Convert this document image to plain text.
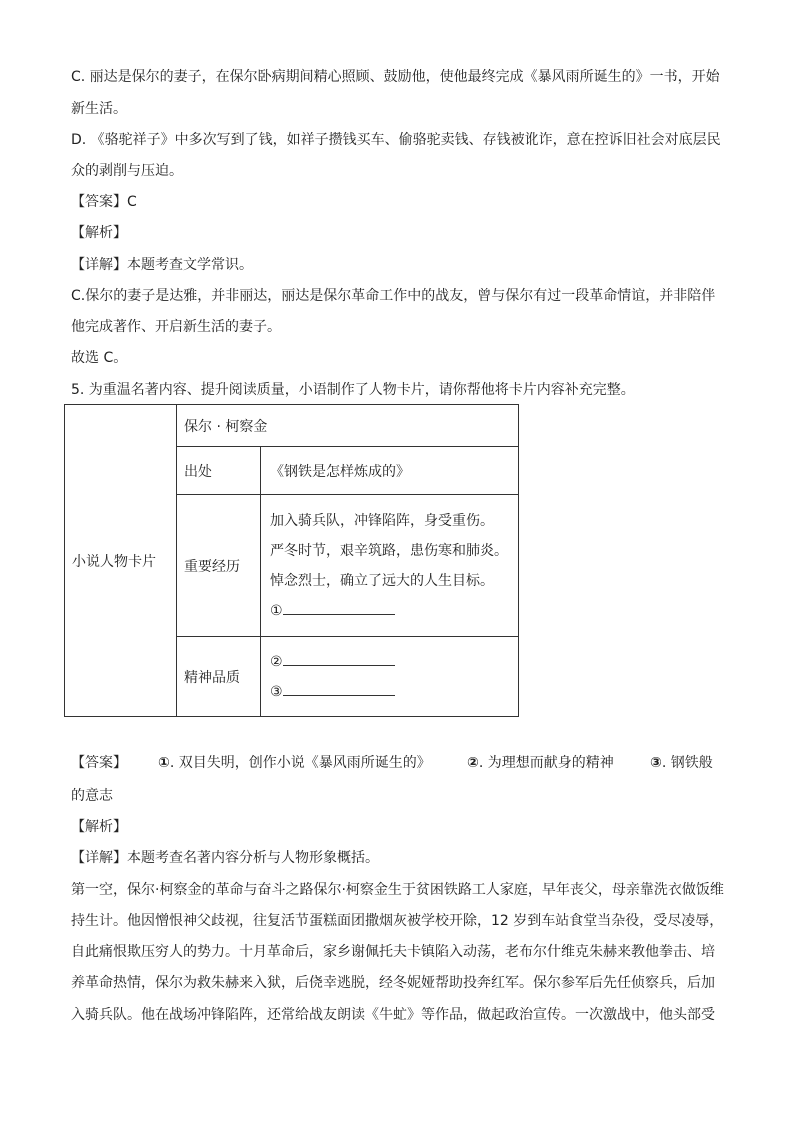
C. 丽达是保尔的妻子，在保尔卧病期间精心照顾、鼓励他，使他最终完成《暴风雨所诞生的》一书，开始
新生活。
D. 《骆驼祥子》中多次写到了钱，如祥子攒钱买车、偷骆驼卖钱、存钱被讹诈，意在控诉旧社会对底层民
众的剥削与压迫。
【答案】C
【解析】
【详解】本题考查文学常识。
C.保尔的妻子是达雅，并非丽达，丽达是保尔革命工作中的战友，曾与保尔有过一段革命情谊，并非陪伴
他完成著作、开启新生活的妻子。
故选 C。
5. 为重温名著内容、提升阅读质量，小语制作了人物卡片，请你帮他将卡片内容补充完整。
小说人物卡片	保尔 · 柯察金	
	出处	《钢铁是怎样炼成的》
	重要经历	加入骑兵队，冲锋陷阵，身受重伤。
严冬时节，艰辛筑路，患伤寒和肺炎。
悼念烈士，确立了远大的人生目标。
①

	精神品质	②
③
【答案】 ①. 双目失明，创作小说《暴风雨所诞生的》	②. 为理想而献身的精神	③. 钢铁般
的意志
【解析】
【详解】本题考查名著内容分析与人物形象概括。
第一空，保尔·柯察金的革命与奋斗之路保尔·柯察金生于贫困铁路工人家庭，早年丧父，母亲靠洗衣做饭维
持生计。他因憎恨神父歧视，往复活节蛋糕面团撒烟灰被学校开除，12 岁到车站食堂当杂役，受尽凌辱，
自此痛恨欺压穷人的势力。十月革命后，家乡谢佩托夫卡镇陷入动荡，老布尔什维克朱赫来教他拳击、培
养革命热情，保尔为救朱赫来入狱，后侥幸逃脱，经冬妮娅帮助投奔红军。保尔参军后先任侦察兵，后加
入骑兵队。他在战场冲锋陷阵，还常给战友朗读《牛虻》等作品，做起政治宣传。一次激战中，他头部受
